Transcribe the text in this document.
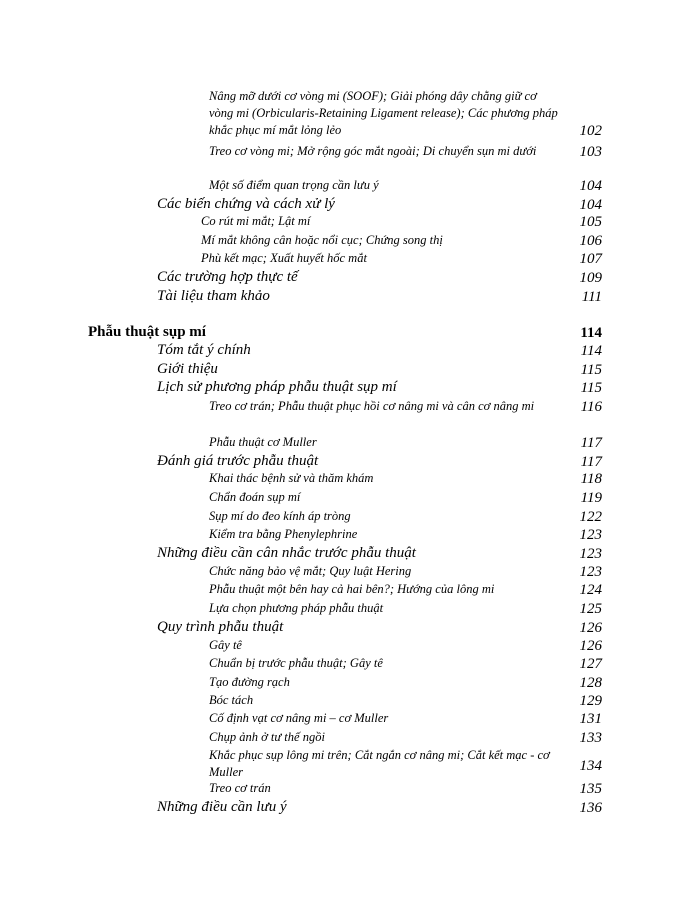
Nâng mỡ dưới cơ vòng mi (SOOF); Giải phóng dây chằng giữ cơ vòng mi (Orbicularis-Retaining Ligament release); Các phương pháp khắc phục mí mắt lỏng lẻo	102
Treo cơ vòng mi; Mở rộng góc mắt ngoài; Di chuyển sụn mi dưới	103
Một số điểm quan trọng cần lưu ý	104
Các biến chứng và cách xử lý	104
Co rút mi mắt; Lật mí	105
Mí mắt không cân hoặc nổi cục; Chứng song thị	106
Phù kết mạc; Xuất huyết hốc mắt	107
Các trường hợp thực tế	109
Tài liệu tham khảo	111
Phẫu thuật sụp mí	114
Tóm tắt ý chính	114
Giới thiệu	115
Lịch sử phương pháp phẫu thuật sụp mí	115
Treo cơ trán; Phẫu thuật phục hồi cơ nâng mi và cân cơ nâng mi	116
Phẫu thuật cơ Muller	117
Đánh giá trước phẫu thuật	117
Khai thác bệnh sử và thăm khám	118
Chẩn đoán sụp mí	119
Sụp mí do đeo kính áp tròng	122
Kiểm tra bằng Phenylephrine	123
Những điều cần cân nhắc trước phẫu thuật	123
Chức năng bảo vệ mắt; Quy luật Hering	123
Phẫu thuật một bên hay cả hai bên?; Hướng của lông mi	124
Lựa chọn phương pháp phẫu thuật	125
Quy trình phẫu thuật	126
Gây tê	126
Chuẩn bị trước phẫu thuật; Gây tê	127
Tạo đường rạch	128
Bóc tách	129
Cố định vạt cơ nâng mi – cơ Muller	131
Chụp ảnh ở tư thế ngồi	133
Khắc phục sụp lông mi trên; Cắt ngắn cơ nâng mi; Cắt kết mạc - cơ Muller	134
Treo cơ trán	135
Những điều cần lưu ý	136
